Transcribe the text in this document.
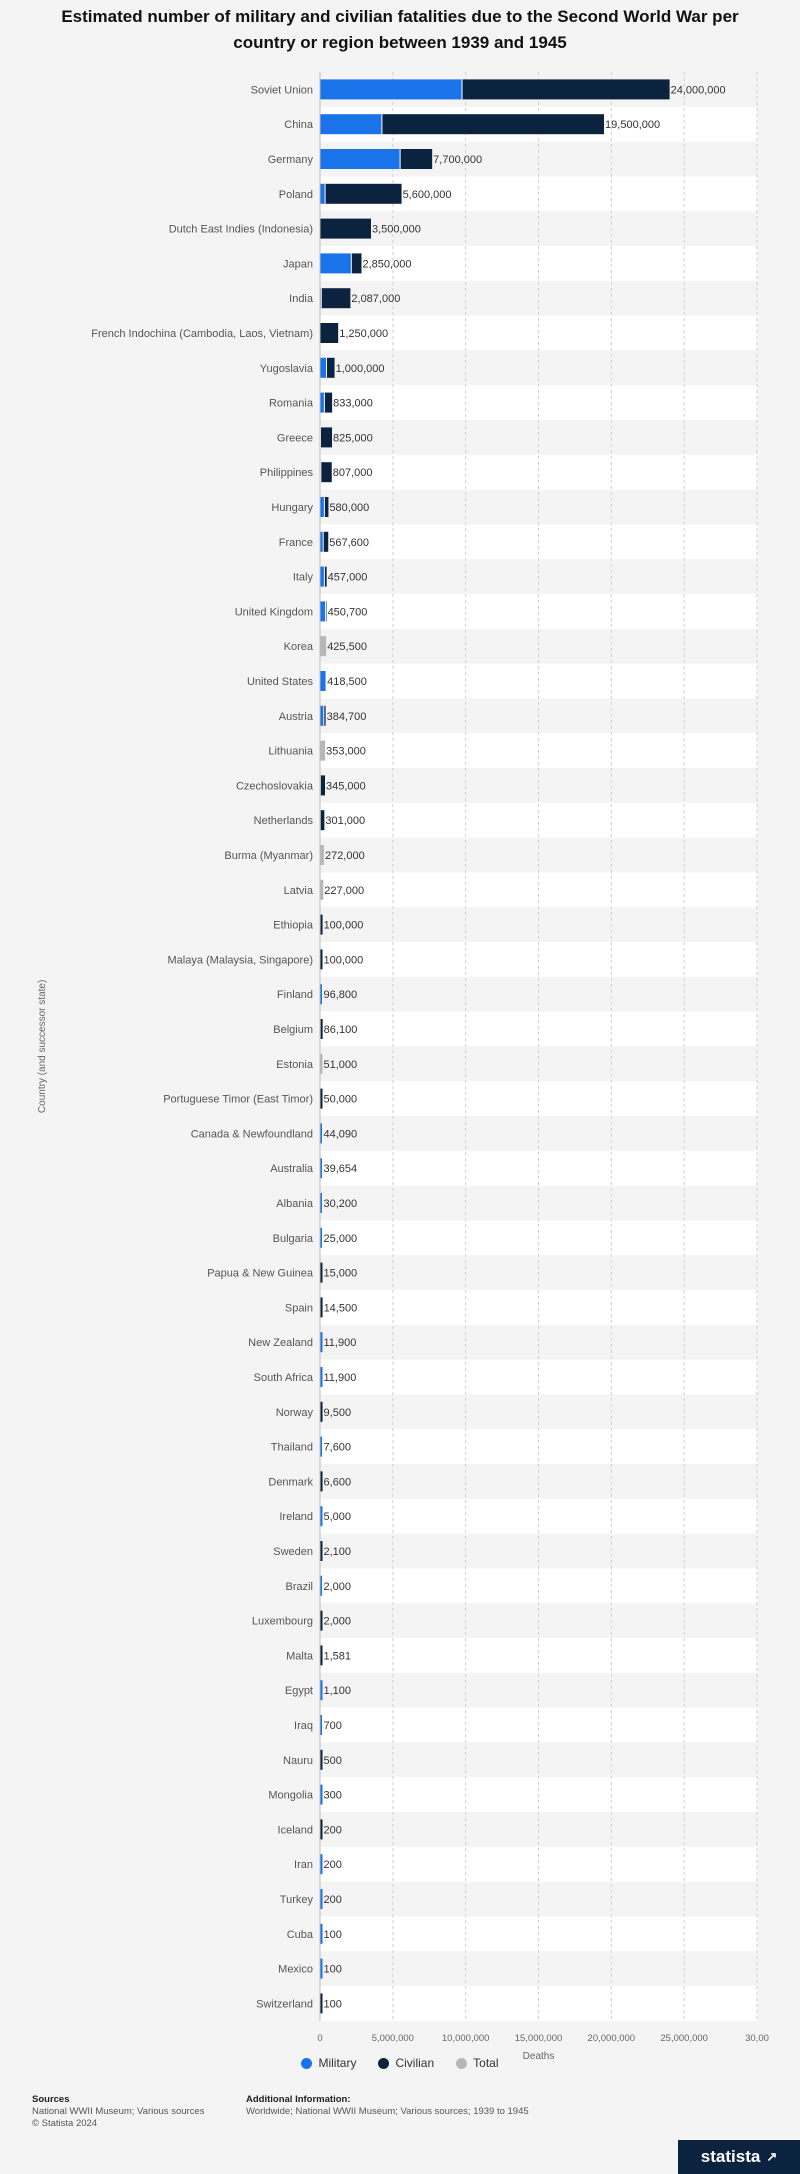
Estimated number of military and civilian fatalities due to the Second World War per country or region between 1939 and 1945
0	5,000,000	10,000,000	15,000,000	20,000,000	25,000,000	30,00
Soviet Union	24,000,000
China	19,500,000
Germany	7,700,000
Poland	5,600,000
Dutch East Indies (Indonesia)	3,500,000
Japan	2,850,000
India	2,087,000
French Indochina (Cambodia, Laos, Vietnam) 1,250,000
Yugoslavia 1,000,000
Romania 833,000
Greece 825,000
Philippines 807,000
Hungary 580,000
France 567,600
Italy 457,000
United Kingdom 450,700
Korea 425,500
United States 418,500
Austria 384,700
Lithuania 353,000
Czechoslovakia 345,000
Netherlands 301,000
Burma (Myanmar) 272,000
Latvia 227,000
Ethiopia 100,000
Malaya (Malaysia, Singapore) 100,000
Finland 96,800
Belgium 86,100
Estonia 51,000
Portuguese Timor (East Timor) 50,000
Canada & Newfoundland 44,090
Australia 39,654
Albania 30,200
Bulgaria 25,000
Papua & New Guinea 15,000
Spain 14,500
New Zealand 11,900
South Africa 11,900
Norway 9,500
Thailand 7,600
Denmark 6,600
Ireland 5,000
Sweden 2,100
Brazil 2,000
Luxembourg 2,000
Malta 1,581
Egypt 1,100
Iraq 700
Nauru 500
Mongolia 300
Iceland 200
Iran 200
Turkey 200
Cuba 100
Mexico 100
Switzerland 100
Deaths
Country (and successor state)
Military	Civilian	Total
Sources
National WWII Museum; Various sources
© Statista 2024
Additional Information:
Worldwide; National WWII Museum; Various sources; 1939 to 1945
statista ↗
